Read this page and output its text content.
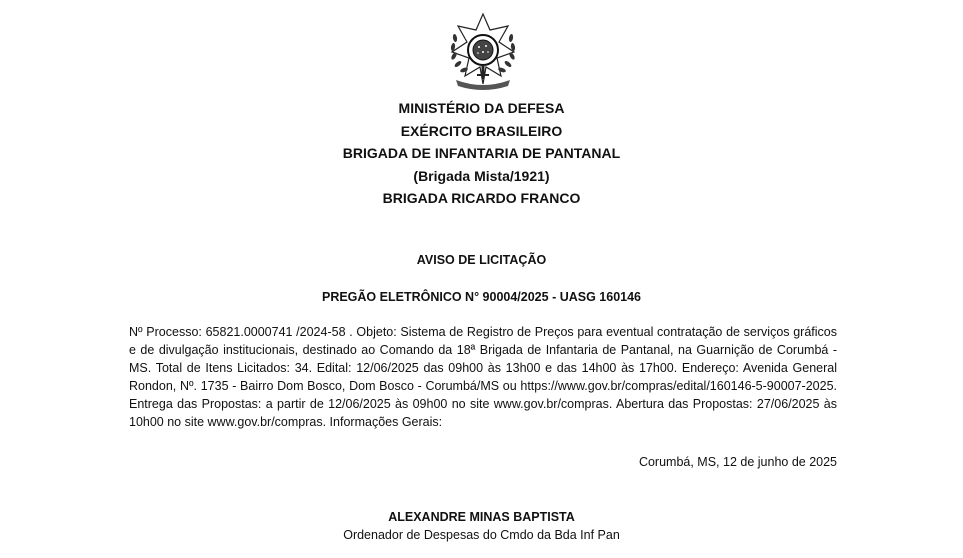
MINISTÉRIO DA DEFESA
EXÉRCITO BRASILEIRO
BRIGADA DE INFANTARIA DE PANTANAL
(Brigada Mista/1921)
BRIGADA RICARDO FRANCO
AVISO DE LICITAÇÃO
PREGÃO ELETRÔNICO N° 90004/2025 - UASG 160146
Nº Processo: 65821.0000741 /2024-58 . Objeto: Sistema de Registro de Preços para eventual contratação de serviços gráficos e de divulgação institucionais, destinado ao Comando da 18ª Brigada de Infantaria de Pantanal, na Guarnição de Corumbá - MS. Total de Itens Licitados: 34. Edital: 12/06/2025 das 09h00 às 13h00 e das 14h00 às 17h00. Endereço: Avenida General Rondon, Nº. 1735 - Bairro Dom Bosco, Dom Bosco - Corumbá/MS ou https://www.gov.br/compras/edital/160146-5-90007-2025. Entrega das Propostas: a partir de 12/06/2025 às 09h00 no site www.gov.br/compras. Abertura das Propostas: 27/06/2025 às 10h00 no site www.gov.br/compras. Informações Gerais:
Corumbá, MS, 12 de junho de 2025
ALEXANDRE MINAS BAPTISTA
Ordenador de Despesas do Cmdo da Bda Inf Pan
